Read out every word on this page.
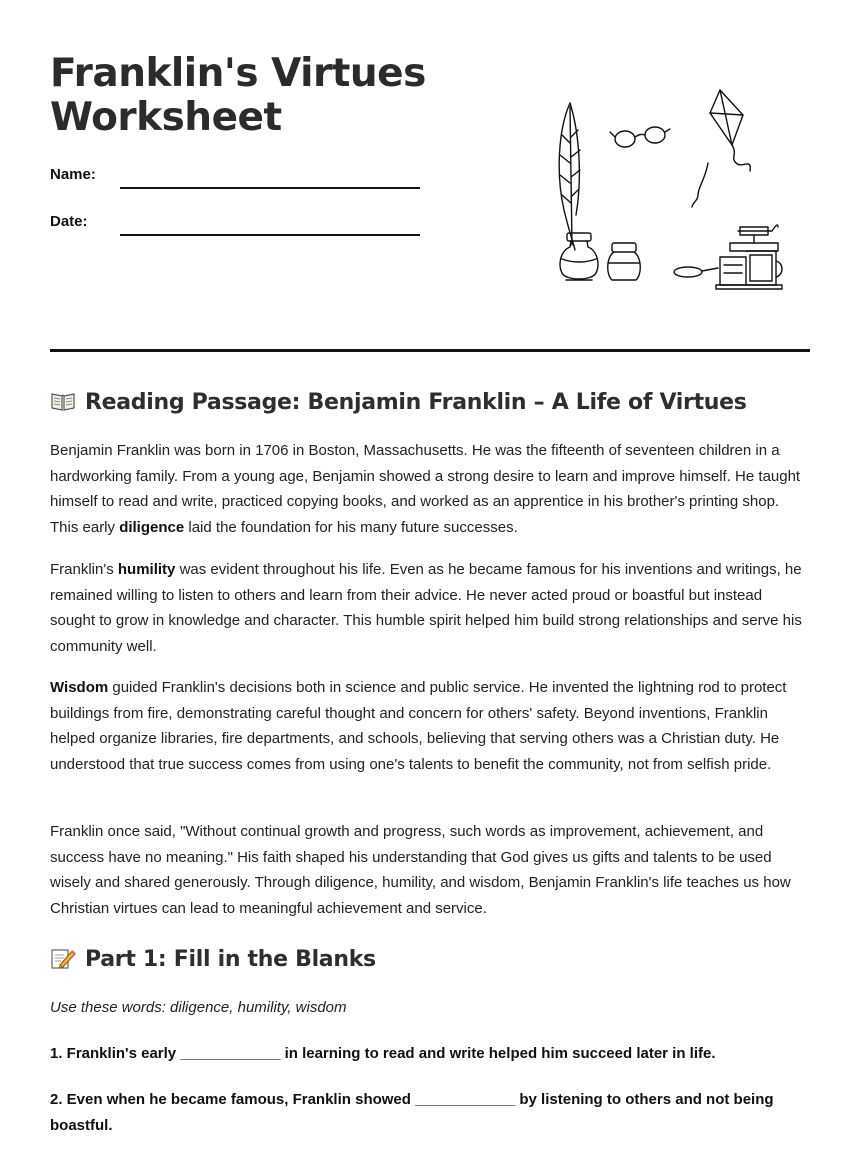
Franklin's Virtues
Worksheet
Name:
Date:
Reading Passage: Benjamin Franklin – A Life of Virtues

Benjamin Franklin was born in 1706 in Boston, Massachusetts. He was the fifteenth of seventeen children in a hardworking family. From a young age, Benjamin showed a strong desire to learn and improve himself. He taught himself to read and write, practiced copying books, and worked as an apprentice in his brother's printing shop. This early diligence laid the foundation for his many future successes.

Franklin's humility was evident throughout his life. Even as he became famous for his inventions and writings, he remained willing to listen to others and learn from their advice. He never acted proud or boastful but instead sought to grow in knowledge and character. This humble spirit helped him build strong relationships and serve his community well.

Wisdom guided Franklin's decisions both in science and public service. He invented the lightning rod to protect buildings from fire, demonstrating careful thought and concern for others' safety. Beyond inventions, Franklin helped organize libraries, fire departments, and schools, believing that serving others was a Christian duty. He understood that true success comes from using one's talents to benefit the community, not from selfish pride.

Franklin once said, "Without continual growth and progress, such words as improvement, achievement, and success have no meaning." His faith shaped his understanding that God gives us gifts and talents to be used wisely and shared generously. Through diligence, humility, and wisdom, Benjamin Franklin's life teaches us how Christian virtues can lead to meaningful achievement and service.

Part 1: Fill in the Blanks

Use these words: diligence, humility, wisdom

1. Franklin's early ____________ in learning to read and write helped him succeed later in life.

2. Even when he became famous, Franklin showed ____________ by listening to others and not being boastful.
